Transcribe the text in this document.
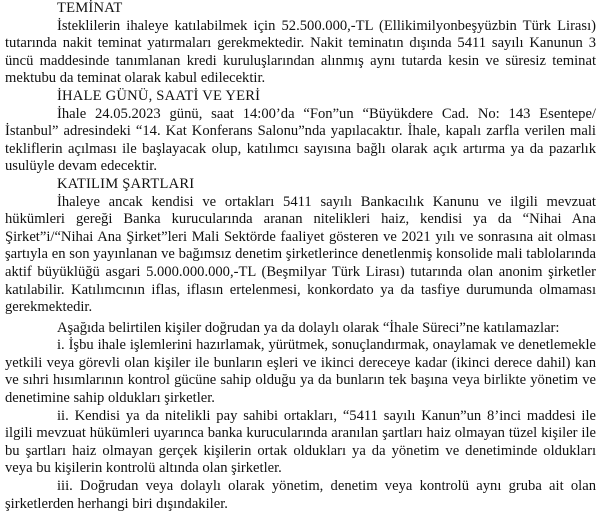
TEMİNAT

İsteklilerin ihaleye katılabilmek için 52.500.000,-TL (Ellikimilyonbeşyüzbin Türk Lirası) tutarında nakit teminat yatırmaları gerekmektedir. Nakit teminatın dışında 5411 sayılı Kanunun 3 üncü maddesinde tanımlanan kredi kuruluşlarından alınmış aynı tutarda kesin ve süresiz teminat mektubu da teminat olarak kabul edilecektir.

İHALE GÜNÜ, SAATİ VE YERİ

İhale 24.05.2023 günü, saat 14:00’da “Fon”un “Büyükdere Cad. No: 143 Esentepe/İstanbul” adresindeki “14. Kat Konferans Salonu”nda yapılacaktır. İhale, kapalı zarfla verilen mali tekliflerin açılması ile başlayacak olup, katılımcı sayısına bağlı olarak açık artırma ya da pazarlık usulüyle devam edecektir.

KATILIM ŞARTLARI

İhaleye ancak kendisi ve ortakları 5411 sayılı Bankacılık Kanunu ve ilgili mevzuat hükümleri gereği Banka kurucularında aranan nitelikleri haiz, kendisi ya da “Nihai Ana Şirket”i/“Nihai Ana Şirket”leri Mali Sektörde faaliyet gösteren ve 2021 yılı ve sonrasına ait olması şartıyla en son yayınlanan ve bağımsız denetim şirketlerince denetlenmiş konsolide mali tablolarında aktif büyüklüğü asgari 5.000.000.000,-TL (Beşmilyar Türk Lirası) tutarında olan anonim şirketler katılabilir. Katılımcının iflas, iflasın ertelenmesi, konkordato ya da tasfiye durumunda olmaması gerekmektedir.

Aşağıda belirtilen kişiler doğrudan ya da dolaylı olarak “İhale Süreci”ne katılamazlar:

i. İşbu ihale işlemlerini hazırlamak, yürütmek, sonuçlandırmak, onaylamak ve denetlemekle yetkili veya görevli olan kişiler ile bunların eşleri ve ikinci dereceye kadar (ikinci derece dahil) kan ve sıhri hısımlarının kontrol gücüne sahip olduğu ya da bunların tek başına veya birlikte yönetim ve denetimine sahip oldukları şirketler.

ii. Kendisi ya da nitelikli pay sahibi ortakları, “5411 sayılı Kanun”un 8’inci maddesi ile ilgili mevzuat hükümleri uyarınca banka kurucularında aranılan şartları haiz olmayan tüzel kişiler ile bu şartları haiz olmayan gerçek kişilerin ortak oldukları ya da yönetim ve denetiminde oldukları veya bu kişilerin kontrolü altında olan şirketler.

iii. Doğrudan veya dolaylı olarak yönetim, denetim veya kontrolü aynı gruba ait olan şirketlerden herhangi biri dışındakiler.
